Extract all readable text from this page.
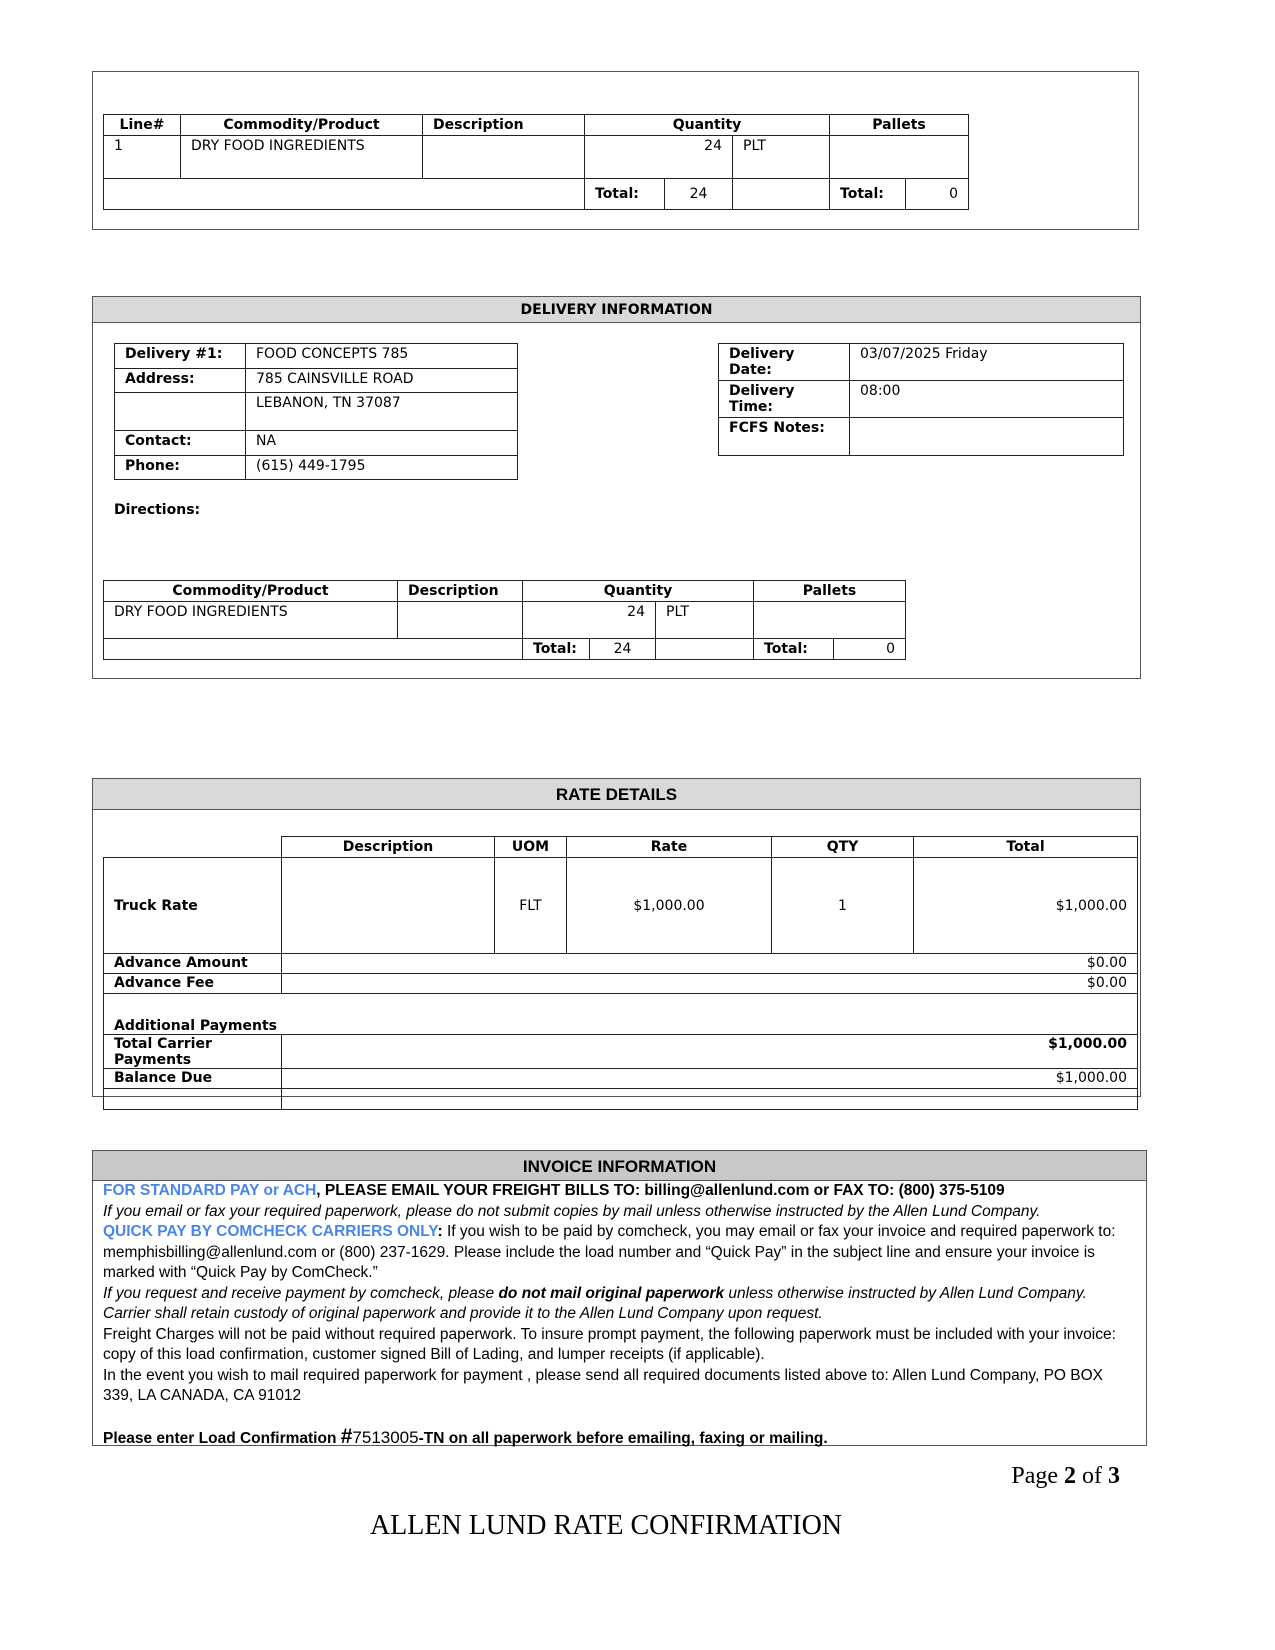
Line#	Commodity/Product	Description	Quantity			Pallets	
1	DRY FOOD INGREDIENTS		24		PLT		
			Total:	24		Total:	0
DELIVERY INFORMATION
Delivery #1:	FOOD CONCEPTS 785
Address:	785 CAINSVILLE ROAD
	LEBANON, TN 37087
Contact:	NA
Phone:	(615) 449-1795
Delivery Date:	03/07/2025 Friday
Delivery Time:	08:00
FCFS Notes:	
Directions:
Commodity/Product	Description	Quantity			Pallets	
DRY FOOD INGREDIENTS		24		PLT		
		Total:	24		Total:	0
RATE DETAILS
	Description	UOM	Rate	QTY	Total
Truck Rate		FLT	$1,000.00	1	$1,000.00
Advance Amount	$0.00				
Advance Fee	$0.00				
Additional Payments					
Total Carrier Payments	$1,000.00				
Balance Due	$1,000.00				

INVOICE INFORMATION

FOR STANDARD PAY or ACH, PLEASE EMAIL YOUR FREIGHT BILLS TO: billing@allenlund.com or FAX TO: (800) 375-5109

If you email or fax your required paperwork, please do not submit copies by mail unless otherwise instructed by the Allen Lund Company.

QUICK PAY BY COMCHECK CARRIERS ONLY: If you wish to be paid by comcheck, you may email or fax your invoice and required paperwork to: memphisbilling@allenlund.com or (800) 237-1629. Please include the load number and “Quick Pay” in the subject line and ensure your invoice is marked with “Quick Pay by ComCheck.”

If you request and receive payment by comcheck, please do not mail original paperwork unless otherwise instructed by Allen Lund Company. Carrier shall retain custody of original paperwork and provide it to the Allen Lund Company upon request.

Freight Charges will not be paid without required paperwork. To insure prompt payment, the following paperwork must be included with your invoice: copy of this load confirmation, customer signed Bill of Lading, and lumper receipts (if applicable).

In the event you wish to mail required paperwork for payment , please send all required documents listed above to: Allen Lund Company, PO BOX 339, LA CANADA, CA 91012

Please enter Load Confirmation #7513005-TN on all paperwork before emailing, faxing or mailing.

Page 2 of 3
ALLEN LUND RATE CONFIRMATION
